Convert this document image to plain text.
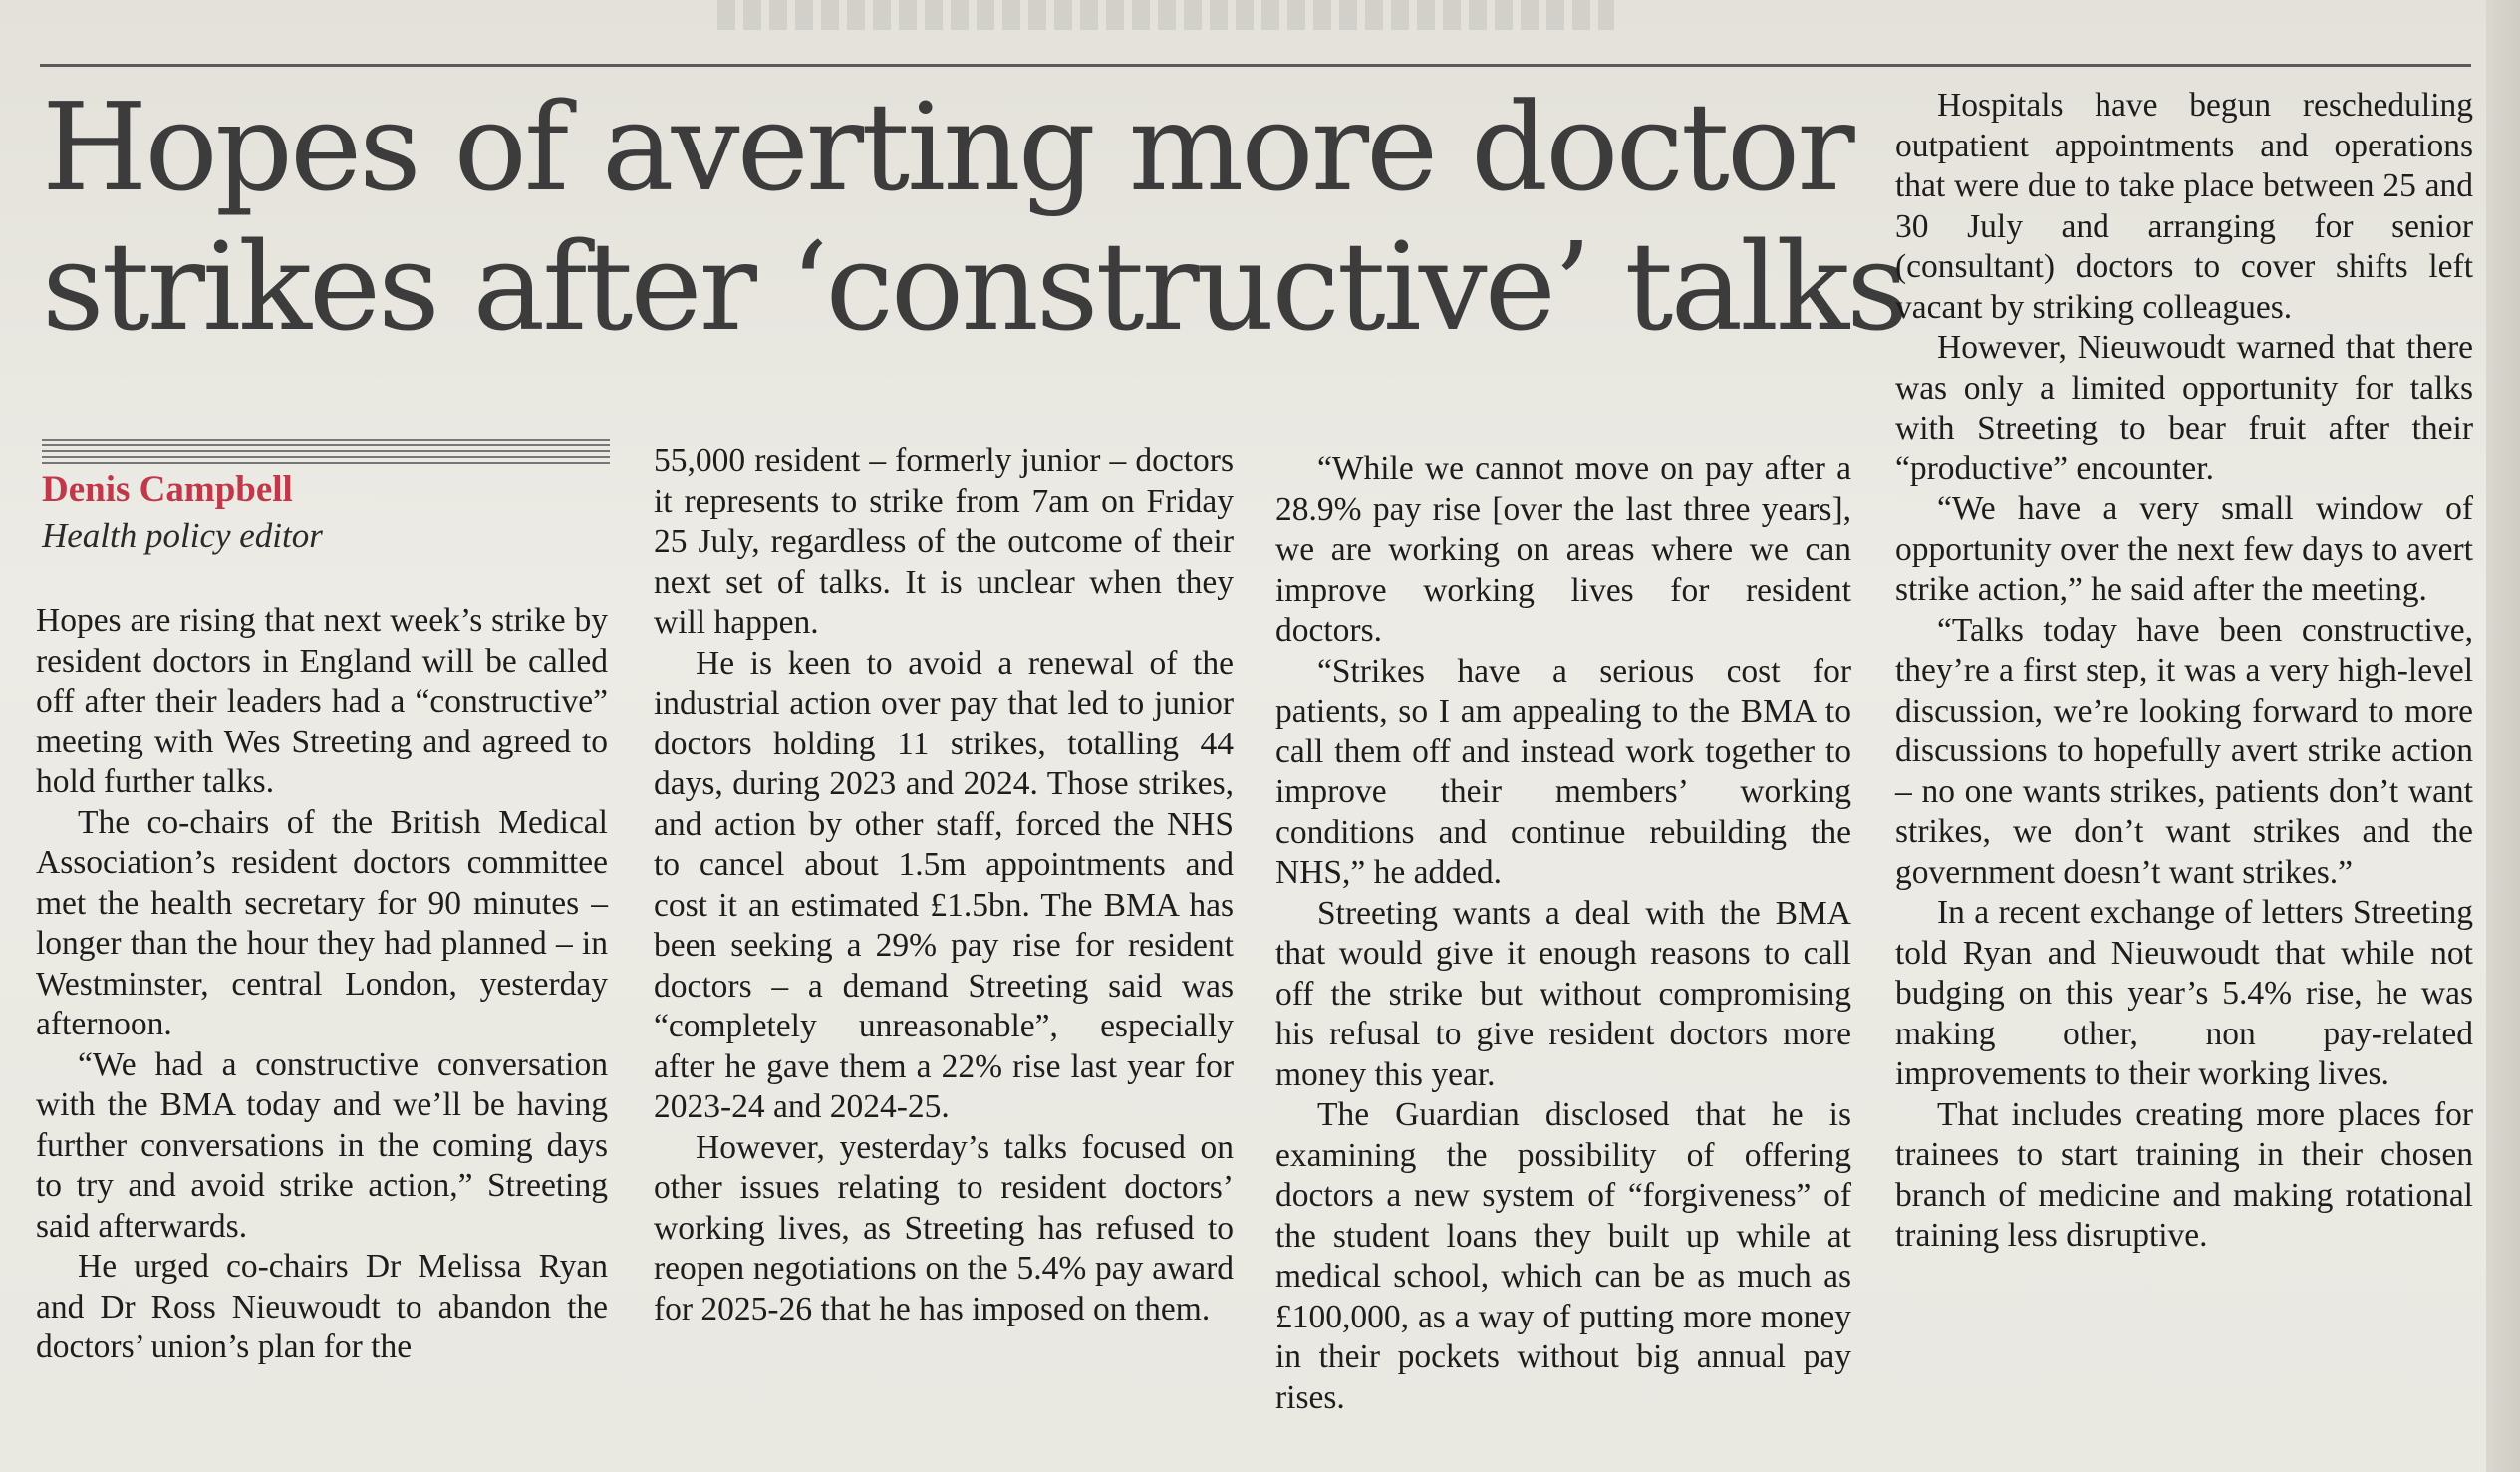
Hopes of averting more doctor
strikes after ‘constructive’ talks

Denis Campbell

Health policy editor

Hopes are rising that next week’s strike by resident doctors in England will be called off after their leaders had a “constructive” meeting with Wes Streeting and agreed to hold further talks.

The co-chairs of the British Medical Association’s resident doctors committee met the health secretary for 90 minutes – longer than the hour they had planned – in Westminster, central London, yesterday afternoon.

“We had a constructive conversation with the BMA today and we’ll be having further conversations in the coming days to try and avoid strike action,” Streeting said afterwards.

He urged co-chairs Dr Melissa Ryan and Dr Ross Nieuwoudt to abandon the doctors’ union’s plan for the

55,000 resident – formerly junior – doctors it represents to strike from 7am on Friday 25 July, regardless of the outcome of their next set of talks. It is unclear when they will happen.

He is keen to avoid a renewal of the industrial action over pay that led to junior doctors holding 11 strikes, totalling 44 days, during 2023 and 2024. Those strikes, and action by other staff, forced the NHS to cancel about 1.5m appointments and cost it an estimated £1.5bn. The BMA has been seeking a 29% pay rise for resident doctors – a demand Streeting said was “completely unreasonable”, especially after he gave them a 22% rise last year for 2023-24 and 2024-25.

However, yesterday’s talks focused on other issues relating to resident doctors’ working lives, as Streeting has refused to reopen negotiations on the 5.4% pay award for 2025-26 that he has imposed on them.

“While we cannot move on pay after a 28.9% pay rise [over the last three years], we are working on areas where we can improve working lives for resident doctors.

“Strikes have a serious cost for patients, so I am appealing to the BMA to call them off and instead work together to improve their members’ working conditions and continue rebuilding the NHS,” he added.

Streeting wants a deal with the BMA that would give it enough reasons to call off the strike but without compromising his refusal to give resident doctors more money this year.

The Guardian disclosed that he is examining the possibility of offering doctors a new system of “forgiveness” of the student loans they built up while at medical school, which can be as much as £100,000, as a way of putting more money in their pockets without big annual pay rises.

Hospitals have begun rescheduling outpatient appointments and operations that were due to take place between 25 and 30 July and arranging for senior (consultant) doctors to cover shifts left vacant by striking colleagues.

However, Nieuwoudt warned that there was only a limited opportunity for talks with Streeting to bear fruit after their “productive” encounter.

“We have a very small window of opportunity over the next few days to avert strike action,” he said after the meeting.

“Talks today have been constructive, they’re a first step, it was a very high-level discussion, we’re looking forward to more discussions to hopefully avert strike action – no one wants strikes, patients don’t want strikes, we don’t want strikes and the government doesn’t want strikes.”

In a recent exchange of letters Streeting told Ryan and Nieuwoudt that while not budging on this year’s 5.4% rise, he was making other, non pay-related improvements to their working lives.

That includes creating more places for trainees to start training in their chosen branch of medicine and making rotational training less disruptive.
